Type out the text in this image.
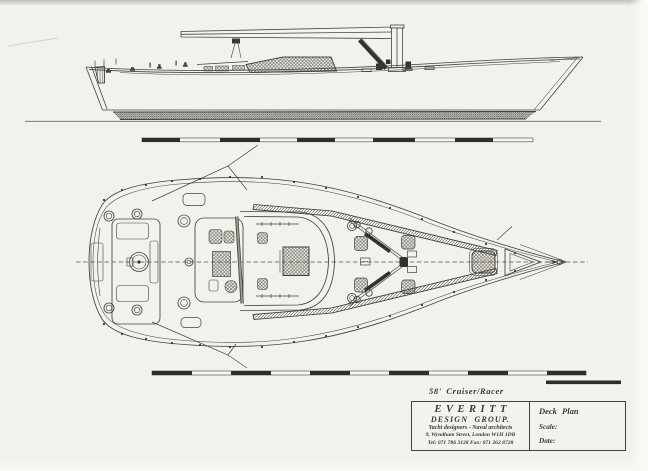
58' Cruiser/Racer
EVERITT
DESIGN GROUP.
Yacht designers - Naval architects
9, Wyndham Street, London W1H 1DB
Tel: 071 786 3128 Fax: 071 262 8728
Deck Plan
Scale:
Date:
